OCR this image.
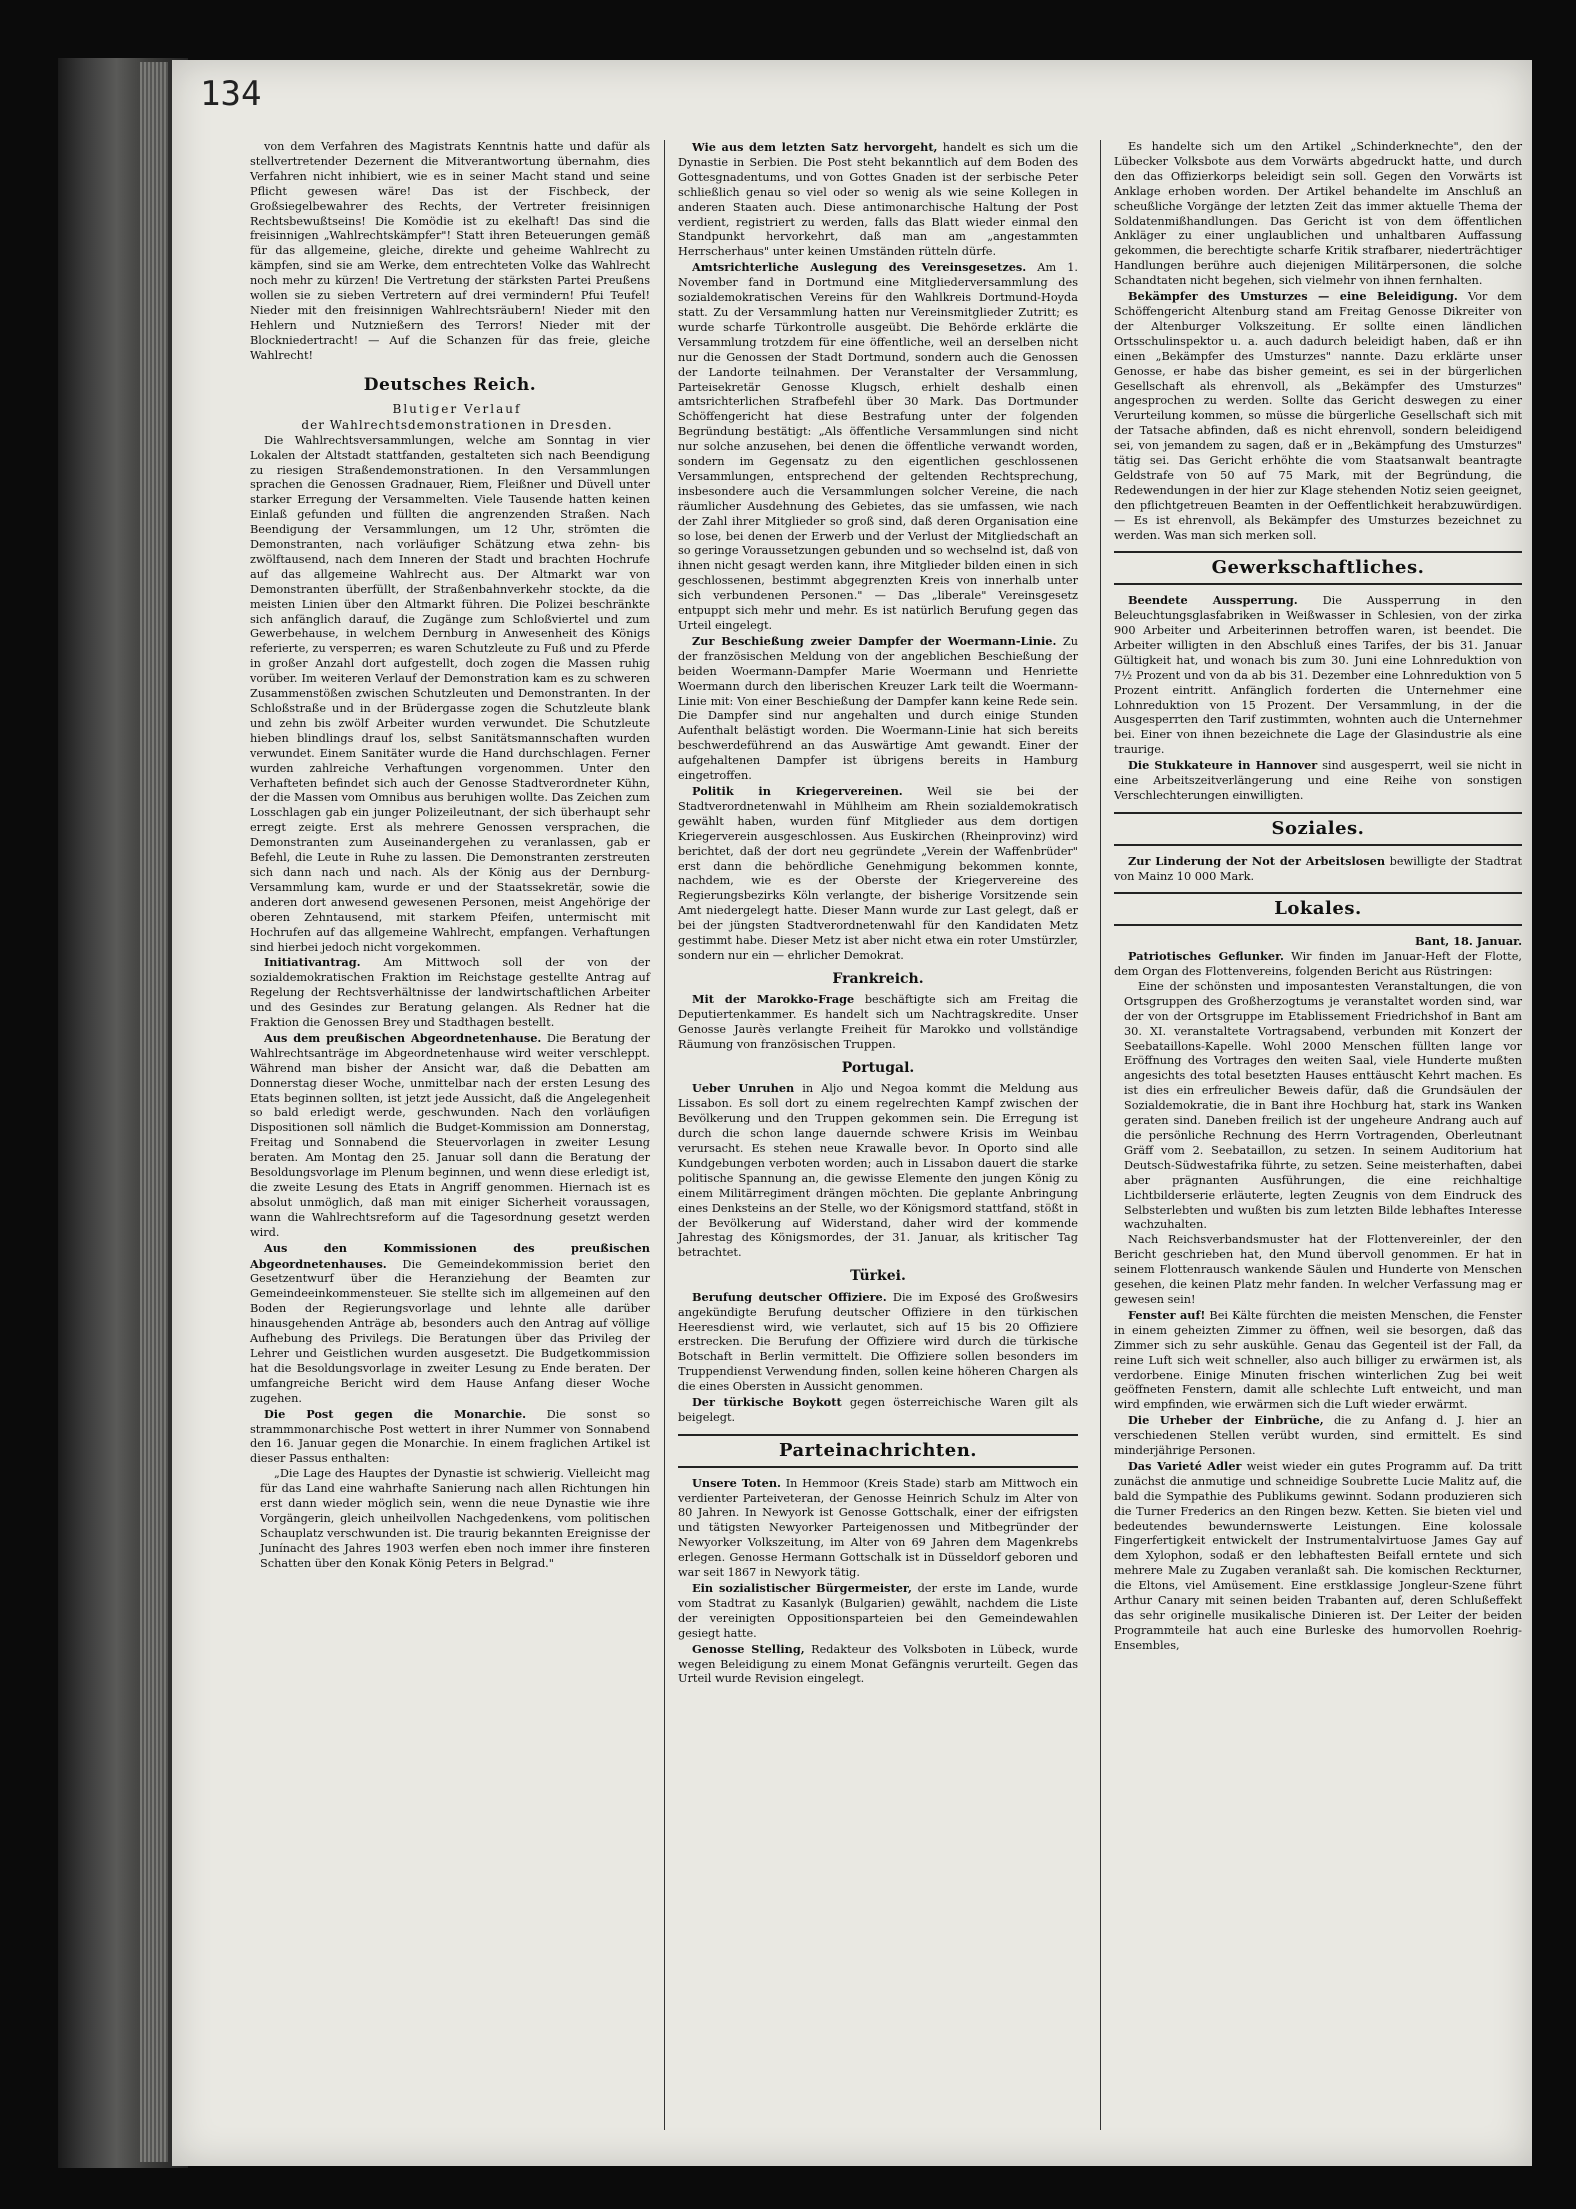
134

von dem Verfahren des Magistrats Kenntnis hatte und dafür als stellvertretender Dezernent die Mitverantwortung übernahm, dies Verfahren nicht inhibiert, wie es in seiner Macht stand und seine Pflicht gewesen wäre! Das ist der Fischbeck, der Großsiegelbewahrer des Rechts, der Vertreter freisinnigen Rechtsbewußtseins! Die Komödie ist zu ekelhaft! Das sind die freisinnigen „Wahlrechtskämpfer"! Statt ihren Beteuerungen gemäß für das allgemeine, gleiche, direkte und geheime Wahlrecht zu kämpfen, sind sie am Werke, dem entrechteten Volke das Wahlrecht noch mehr zu kürzen! Die Vertretung der stärksten Partei Preußens wollen sie zu sieben Vertretern auf drei vermindern! Pfui Teufel! Nieder mit den freisinnigen Wahlrechtsräubern! Nieder mit den Hehlern und Nutznießern des Terrors! Nieder mit der Blockniedertracht! — Auf die Schanzen für das freie, gleiche Wahlrecht!

Deutsches Reich.

Blutiger Verlauf

der Wahlrechtsdemonstrationen in Dresden.

Die Wahlrechtsversammlungen, welche am Sonntag in vier Lokalen der Altstadt stattfanden, gestalteten sich nach Beendigung zu riesigen Straßendemonstrationen. In den Versammlungen sprachen die Genossen Gradnauer, Riem, Fleißner und Düvell unter starker Erregung der Versammelten. Viele Tausende hatten keinen Einlaß gefunden und füllten die angrenzenden Straßen. Nach Beendigung der Versammlungen, um 12 Uhr, strömten die Demonstranten, nach vorläufiger Schätzung etwa zehn- bis zwölftausend, nach dem Inneren der Stadt und brachten Hochrufe auf das allgemeine Wahlrecht aus. Der Altmarkt war von Demonstranten überfüllt, der Straßenbahnverkehr stockte, da die meisten Linien über den Altmarkt führen. Die Polizei beschränkte sich anfänglich darauf, die Zugänge zum Schloßviertel und zum Gewerbehause, in welchem Dernburg in Anwesenheit des Königs referierte, zu versperren; es waren Schutzleute zu Fuß und zu Pferde in großer Anzahl dort aufgestellt, doch zogen die Massen ruhig vorüber. Im weiteren Verlauf der Demonstration kam es zu schweren Zusammenstößen zwischen Schutzleuten und Demonstranten. In der Schloßstraße und in der Brüdergasse zogen die Schutzleute blank und zehn bis zwölf Arbeiter wurden verwundet. Die Schutzleute hieben blindlings drauf los, selbst Sanitätsmannschaften wurden verwundet. Einem Sanitäter wurde die Hand durchschlagen. Ferner wurden zahlreiche Verhaftungen vorgenommen. Unter den Verhafteten befindet sich auch der Genosse Stadtverordneter Kühn, der die Massen vom Omnibus aus beruhigen wollte. Das Zeichen zum Losschlagen gab ein junger Polizeileutnant, der sich überhaupt sehr erregt zeigte. Erst als mehrere Genossen versprachen, die Demonstranten zum Auseinandergehen zu veranlassen, gab er Befehl, die Leute in Ruhe zu lassen. Die Demonstranten zerstreuten sich dann nach und nach. Als der König aus der Dernburg-Versammlung kam, wurde er und der Staatssekretär, sowie die anderen dort anwesend gewesenen Personen, meist Angehörige der oberen Zehntausend, mit starkem Pfeifen, untermischt mit Hochrufen auf das allgemeine Wahlrecht, empfangen. Verhaftungen sind hierbei jedoch nicht vorgekommen.

Initiativantrag. Am Mittwoch soll der von der sozialdemokratischen Fraktion im Reichstage gestellte Antrag auf Regelung der Rechtsverhältnisse der landwirtschaftlichen Arbeiter und des Gesindes zur Beratung gelangen. Als Redner hat die Fraktion die Genossen Brey und Stadthagen bestellt.

Aus dem preußischen Abgeordnetenhause. Die Beratung der Wahlrechtsanträge im Abgeordnetenhause wird weiter verschleppt. Während man bisher der Ansicht war, daß die Debatten am Donnerstag dieser Woche, unmittelbar nach der ersten Lesung des Etats beginnen sollten, ist jetzt jede Aussicht, daß die Angelegenheit so bald erledigt werde, geschwunden. Nach den vorläufigen Dispositionen soll nämlich die Budget-Kommission am Donnerstag, Freitag und Sonnabend die Steuervorlagen in zweiter Lesung beraten. Am Montag den 25. Januar soll dann die Beratung der Besoldungsvorlage im Plenum beginnen, und wenn diese erledigt ist, die zweite Lesung des Etats in Angriff genommen. Hiernach ist es absolut unmöglich, daß man mit einiger Sicherheit voraussagen, wann die Wahlrechtsreform auf die Tagesordnung gesetzt werden wird.

Aus den Kommissionen des preußischen Abgeordnetenhauses. Die Gemeindekommission beriet den Gesetzentwurf über die Heranziehung der Beamten zur Gemeindeeinkommensteuer. Sie stellte sich im allgemeinen auf den Boden der Regierungsvorlage und lehnte alle darüber hinausgehenden Anträge ab, besonders auch den Antrag auf völlige Aufhebung des Privilegs. Die Beratungen über das Privileg der Lehrer und Geistlichen wurden ausgesetzt. Die Budgetkommission hat die Besoldungsvorlage in zweiter Lesung zu Ende beraten. Der umfangreiche Bericht wird dem Hause Anfang dieser Woche zugehen.

Die Post gegen die Monarchie. Die sonst so strammmonarchische Post wettert in ihrer Nummer von Sonnabend den 16. Januar gegen die Monarchie. In einem fraglichen Artikel ist dieser Passus enthalten:

„Die Lage des Hauptes der Dynastie ist schwierig. Vielleicht mag für das Land eine wahrhafte Sanierung nach allen Richtungen hin erst dann wieder möglich sein, wenn die neue Dynastie wie ihre Vorgängerin, gleich unheilvollen Nachgedenkens, vom politischen Schauplatz verschwunden ist. Die traurig bekannten Ereignisse der Junínacht des Jahres 1903 werfen eben noch immer ihre finsteren Schatten über den Konak König Peters in Belgrad."

Wie aus dem letzten Satz hervorgeht, handelt es sich um die Dynastie in Serbien. Die Post steht bekanntlich auf dem Boden des Gottesgnadentums, und von Gottes Gnaden ist der serbische Peter schließlich genau so viel oder so wenig als wie seine Kollegen in anderen Staaten auch. Diese antimonarchische Haltung der Post verdient, registriert zu werden, falls das Blatt wieder einmal den Standpunkt hervorkehrt, daß man am „angestammten Herrscherhaus" unter keinen Umständen rütteln dürfe.

Amtsrichterliche Auslegung des Vereinsgesetzes. Am 1. November fand in Dortmund eine Mitgliederversammlung des sozialdemokratischen Vereins für den Wahlkreis Dortmund-Hoyda statt. Zu der Versammlung hatten nur Vereinsmitglieder Zutritt; es wurde scharfe Türkontrolle ausgeübt. Die Behörde erklärte die Versammlung trotzdem für eine öffentliche, weil an derselben nicht nur die Genossen der Stadt Dortmund, sondern auch die Genossen der Landorte teilnahmen. Der Veranstalter der Versammlung, Parteisekretär Genosse Klugsch, erhielt deshalb einen amtsrichterlichen Strafbefehl über 30 Mark. Das Dortmunder Schöffengericht hat diese Bestrafung unter der folgenden Begründung bestätigt: „Als öffentliche Versammlungen sind nicht nur solche anzusehen, bei denen die öffentliche verwandt worden, sondern im Gegensatz zu den eigentlichen geschlossenen Versammlungen, entsprechend der geltenden Rechtsprechung, insbesondere auch die Versammlungen solcher Vereine, die nach räumlicher Ausdehnung des Gebietes, das sie umfassen, wie nach der Zahl ihrer Mitglieder so groß sind, daß deren Organisation eine so lose, bei denen der Erwerb und der Verlust der Mitgliedschaft an so geringe Voraussetzungen gebunden und so wechselnd ist, daß von ihnen nicht gesagt werden kann, ihre Mitglieder bilden einen in sich geschlossenen, bestimmt abgegrenzten Kreis von innerhalb unter sich verbundenen Personen." — Das „liberale" Vereinsgesetz entpuppt sich mehr und mehr. Es ist natürlich Berufung gegen das Urteil eingelegt.

Zur Beschießung zweier Dampfer der Woermann-Linie. Zu der französischen Meldung von der angeblichen Beschießung der beiden Woermann-Dampfer Marie Woermann und Henriette Woermann durch den liberischen Kreuzer Lark teilt die Woermann-Linie mit: Von einer Beschießung der Dampfer kann keine Rede sein. Die Dampfer sind nur angehalten und durch einige Stunden Aufenthalt belästigt worden. Die Woermann-Linie hat sich bereits beschwerdeführend an das Auswärtige Amt gewandt. Einer der aufgehaltenen Dampfer ist übrigens bereits in Hamburg eingetroffen.

Politik in Kriegervereinen. Weil sie bei der Stadtverordnetenwahl in Mühlheim am Rhein sozialdemokratisch gewählt haben, wurden fünf Mitglieder aus dem dortigen Kriegerverein ausgeschlossen. Aus Euskirchen (Rheinprovinz) wird berichtet, daß der dort neu gegründete „Verein der Waffenbrüder" erst dann die behördliche Genehmigung bekommen konnte, nachdem, wie es der Oberste der Kriegervereine des Regierungsbezirks Köln verlangte, der bisherige Vorsitzende sein Amt niedergelegt hatte. Dieser Mann wurde zur Last gelegt, daß er bei der jüngsten Stadtverordnetenwahl für den Kandidaten Metz gestimmt habe. Dieser Metz ist aber nicht etwa ein roter Umstürzler, sondern nur ein — ehrlicher Demokrat.

Frankreich.

Mit der Marokko-Frage beschäftigte sich am Freitag die Deputiertenkammer. Es handelt sich um Nachtragskredite. Unser Genosse Jaurès verlangte Freiheit für Marokko und vollständige Räumung von französischen Truppen.

Portugal.

Ueber Unruhen in Aljo und Negoa kommt die Meldung aus Lissabon. Es soll dort zu einem regelrechten Kampf zwischen der Bevölkerung und den Truppen gekommen sein. Die Erregung ist durch die schon lange dauernde schwere Krisis im Weinbau verursacht. Es stehen neue Krawalle bevor. In Oporto sind alle Kundgebungen verboten worden; auch in Lissabon dauert die starke politische Spannung an, die gewisse Elemente den jungen König zu einem Militärregiment drängen möchten. Die geplante Anbringung eines Denksteins an der Stelle, wo der Königsmord stattfand, stößt in der Bevölkerung auf Widerstand, daher wird der kommende Jahrestag des Königsmordes, der 31. Januar, als kritischer Tag betrachtet.

Türkei.

Berufung deutscher Offiziere. Die im Exposé des Großwesirs angekündigte Berufung deutscher Offiziere in den türkischen Heeresdienst wird, wie verlautet, sich auf 15 bis 20 Offiziere erstrecken. Die Berufung der Offiziere wird durch die türkische Botschaft in Berlin vermittelt. Die Offiziere sollen besonders im Truppendienst Verwendung finden, sollen keine höheren Chargen als die eines Obersten in Aussicht genommen.

Der türkische Boykott gegen österreichische Waren gilt als beigelegt.

Parteinachrichten.

Unsere Toten. In Hemmoor (Kreis Stade) starb am Mittwoch ein verdienter Parteiveteran, der Genosse Heinrich Schulz im Alter von 80 Jahren. In Newyork ist Genosse Gottschalk, einer der eifrigsten und tätigsten Newyorker Parteigenossen und Mitbegründer der Newyorker Volkszeitung, im Alter von 69 Jahren dem Magenkrebs erlegen. Genosse Hermann Gottschalk ist in Düsseldorf geboren und war seit 1867 in Newyork tätig.

Ein sozialistischer Bürgermeister, der erste im Lande, wurde vom Stadtrat zu Kasanlyk (Bulgarien) gewählt, nachdem die Liste der vereinigten Oppositionsparteien bei den Gemeindewahlen gesiegt hatte.

Genosse Stelling, Redakteur des Volksboten in Lübeck, wurde wegen Beleidigung zu einem Monat Gefängnis verurteilt. Gegen das Urteil wurde Revision eingelegt.

Es handelte sich um den Artikel „Schinderknechte", den der Lübecker Volksbote aus dem Vorwärts abgedruckt hatte, und durch den das Offizierkorps beleidigt sein soll. Gegen den Vorwärts ist Anklage erhoben worden. Der Artikel behandelte im Anschluß an scheußliche Vorgänge der letzten Zeit das immer aktuelle Thema der Soldatenmißhandlungen. Das Gericht ist von dem öffentlichen Ankläger zu einer unglaublichen und unhaltbaren Auffassung gekommen, die berechtigte scharfe Kritik strafbarer, niederträchtiger Handlungen berühre auch diejenigen Militärpersonen, die solche Schandtaten nicht begehen, sich vielmehr von ihnen fernhalten.

Bekämpfer des Umsturzes — eine Beleidigung. Vor dem Schöffengericht Altenburg stand am Freitag Genosse Dikreiter von der Altenburger Volkszeitung. Er sollte einen ländlichen Ortsschulinspektor u. a. auch dadurch beleidigt haben, daß er ihn einen „Bekämpfer des Umsturzes" nannte. Dazu erklärte unser Genosse, er habe das bisher gemeint, es sei in der bürgerlichen Gesellschaft als ehrenvoll, als „Bekämpfer des Umsturzes" angesprochen zu werden. Sollte das Gericht deswegen zu einer Verurteilung kommen, so müsse die bürgerliche Gesellschaft sich mit der Tatsache abfinden, daß es nicht ehrenvoll, sondern beleidigend sei, von jemandem zu sagen, daß er in „Bekämpfung des Umsturzes" tätig sei. Das Gericht erhöhte die vom Staatsanwalt beantragte Geldstrafe von 50 auf 75 Mark, mit der Begründung, die Redewendungen in der hier zur Klage stehenden Notiz seien geeignet, den pflichtgetreuen Beamten in der Oeffentlichkeit herabzuwürdigen. — Es ist ehrenvoll, als Bekämpfer des Umsturzes bezeichnet zu werden. Was man sich merken soll.

Gewerkschaftliches.

Beendete Aussperrung. Die Aussperrung in den Beleuchtungsglasfabriken in Weißwasser in Schlesien, von der zirka 900 Arbeiter und Arbeiterinnen betroffen waren, ist beendet. Die Arbeiter willigten in den Abschluß eines Tarifes, der bis 31. Januar Gültigkeit hat, und wonach bis zum 30. Juni eine Lohnreduktion von 7½ Prozent und von da ab bis 31. Dezember eine Lohnreduktion von 5 Prozent eintritt. Anfänglich forderten die Unternehmer eine Lohnreduktion von 15 Prozent. Der Versammlung, in der die Ausgesperrten den Tarif zustimmten, wohnten auch die Unternehmer bei. Einer von ihnen bezeichnete die Lage der Glasindustrie als eine traurige.

Die Stukkateure in Hannover sind ausgesperrt, weil sie nicht in eine Arbeitszeitverlängerung und eine Reihe von sonstigen Verschlechterungen einwilligten.

Soziales.

Zur Linderung der Not der Arbeitslosen bewilligte der Stadtrat von Mainz 10 000 Mark.

Lokales.

Bant, 18. Januar.

Patriotisches Geflunker. Wir finden im Januar-Heft der Flotte, dem Organ des Flottenvereins, folgenden Bericht aus Rüstringen:

Eine der schönsten und imposantesten Veranstaltungen, die von Ortsgruppen des Großherzogtums je veranstaltet worden sind, war der von der Ortsgruppe im Etablissement Friedrichshof in Bant am 30. XI. veranstaltete Vortragsabend, verbunden mit Konzert der Seebataillons-Kapelle. Wohl 2000 Menschen füllten lange vor Eröffnung des Vortrages den weiten Saal, viele Hunderte mußten angesichts des total besetzten Hauses enttäuscht Kehrt machen. Es ist dies ein erfreulicher Beweis dafür, daß die Grundsäulen der Sozialdemokratie, die in Bant ihre Hochburg hat, stark ins Wanken geraten sind. Daneben freilich ist der ungeheure Andrang auch auf die persönliche Rechnung des Herrn Vortragenden, Oberleutnant Gräff vom 2. Seebataillon, zu setzen. In seinem Auditorium hat Deutsch-Südwestafrika führte, zu setzen. Seine meisterhaften, dabei aber prägnanten Ausführungen, die eine reichhaltige Lichtbilderserie erläuterte, legten Zeugnis von dem Eindruck des Selbsterlebten und wußten bis zum letzten Bilde lebhaftes Interesse wachzuhalten.

Nach Reichsverbandsmuster hat der Flottenvereinler, der den Bericht geschrieben hat, den Mund übervoll genommen. Er hat in seinem Flottenrausch wankende Säulen und Hunderte von Menschen gesehen, die keinen Platz mehr fanden. In welcher Verfassung mag er gewesen sein!

Fenster auf! Bei Kälte fürchten die meisten Menschen, die Fenster in einem geheizten Zimmer zu öffnen, weil sie besorgen, daß das Zimmer sich zu sehr auskühle. Genau das Gegenteil ist der Fall, da reine Luft sich weit schneller, also auch billiger zu erwärmen ist, als verdorbene. Einige Minuten frischen winterlichen Zug bei weit geöffneten Fenstern, damit alle schlechte Luft entweicht, und man wird empfinden, wie erwärmen sich die Luft wieder erwärmt.

Die Urheber der Einbrüche, die zu Anfang d. J. hier an verschiedenen Stellen verübt wurden, sind ermittelt. Es sind minderjährige Personen.

Das Varieté Adler weist wieder ein gutes Programm auf. Da tritt zunächst die anmutige und schneidige Soubrette Lucie Malitz auf, die bald die Sympathie des Publikums gewinnt. Sodann produzieren sich die Turner Frederics an den Ringen bezw. Ketten. Sie bieten viel und bedeutendes bewundernswerte Leistungen. Eine kolossale Fingerfertigkeit entwickelt der Instrumentalvirtuose James Gay auf dem Xylophon, sodaß er den lebhaftesten Beifall erntete und sich mehrere Male zu Zugaben veranlaßt sah. Die komischen Reckturner, die Eltons, viel Amüsement. Eine erstklassige Jongleur-Szene führt Arthur Canary mit seinen beiden Trabanten auf, deren Schlußeffekt das sehr originelle musikalische Dinieren ist. Der Leiter der beiden Programmteile hat auch eine Burleske des humorvollen Roehrig-Ensembles,
